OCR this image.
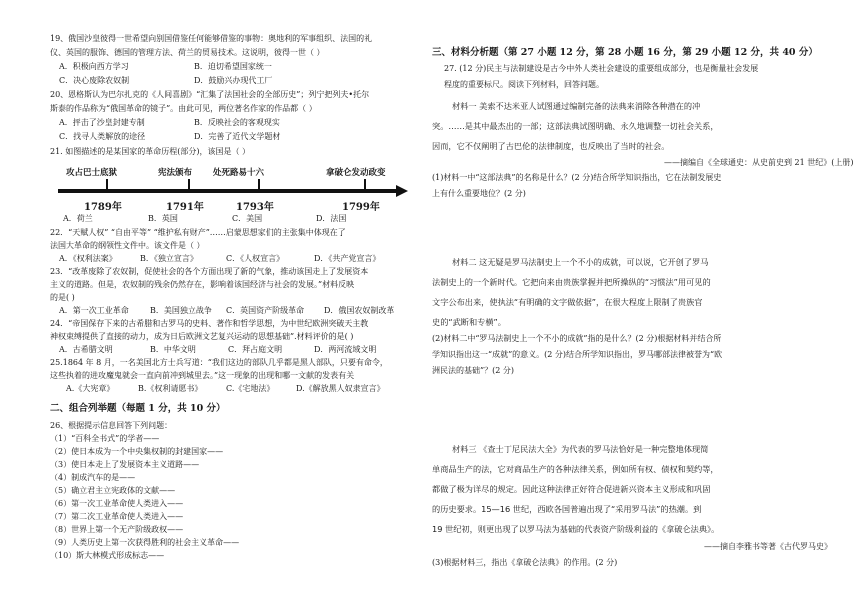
19、俄国沙皇彼得一世希望向别国借鉴任何能够借鉴的事物：奥地利的军事组织、法国的礼
仪、英国的服饰、德国的管理方法、荷兰的贸易技术。这说明，彼得一世（ ）
A．积极向西方学习	B．迫切希望国家统一
C．决心废除农奴制	D．鼓励兴办现代工厂
20、恩格斯认为巴尔扎克的《人间喜剧》“汇集了法国社会的全部历史”；列宁把列夫•托尔
斯泰的作品称为“俄国革命的镜子”。由此可见，两位著名作家的作品都（ ）
A．抨击了沙皇封建专制	B．反映社会的客观现实
C．找寻人类解放的途径	D．完善了近代文学题材
21. 如图描述的是某国家的革命历程(部分)，该国是（ ）
攻占巴士底狱	宪法颁布 处死路易十六	拿破仑发动政变
1789年	1791年	1793年	1799年
A．荷兰	B．英国	C．美国	D．法国
22．“天赋人权” “自由平等” “维护私有财产”……启蒙思想家们的主张集中体现在了
法国大革命的纲领性文件中。该文件是（ ）
A．《权利法案》	B．《独立宣言》	C．《人权宣言》	D．《共产党宣言》
23．“改革废除了农奴制，促使社会的各个方面出现了新的气象，推动该国走上了发展资本
主义的道路。但是，农奴制的残余仍然存在，影响着该国经济与社会的发展。”材料反映
的是( )
A．第一次工业革命	B．美国独立战争 C．英国资产阶级革命 D．俄国农奴制改革
24．“帝国保存下来的古希腊和古罗马的史料、著作和哲学思想，为中世纪欧洲突破天主教
神权束缚提供了直接的动力，成为日后欧洲文艺复兴运动的思想基础”.材料评价的是( )
A．古希腊文明	B．中华文明	C．拜占庭文明	D．两河流域文明
25.1864 年 8 月，一名美国北方士兵写道：“我们这边的部队几乎都是黑人部队，只要有命令，
这些执着的进攻魔鬼就会一直向前冲到城里去。”这一现象的出现和哪一文献的发表有关
A.《大宪章》	B.《权利请愿书》	C.《宅地法》	D.《解放黑人奴隶宣言》
二、组合列举题（每题 1 分，共 10 分）
26、根据提示信息回答下列问题：
（1）“百科全书式”的学者——
（2）使日本成为一个中央集权制的封建国家——
（3）使日本走上了发展资本主义道路——
（4）制成汽车的是——
（5）确立君主立宪政体的文献——
（6）第一次工业革命使人类进入——
（7）第二次工业革命使人类进入——
（8）世界上第一个无产阶级政权——
（9）人类历史上第一次获得胜利的社会主义革命——
（10）斯大林模式形成标志——
三、材料分析题（第 27 小题 12 分，第 28 小题 16 分，第 29 小题 12 分，共 40 分）
27. (12 分)民主与法制建设是古今中外人类社会建设的重要组成部分，也是衡量社会发展
程度的重要标尺。阅读下列材料，回答问题。
材料一 美索不达米亚人试图通过编制完备的法典来消除各种潜在的冲
突。……是其中最杰出的一部；这部法典试图明确、永久地调整一切社会关系，
因而，它不仅阐明了古巴伦的法律制度，也反映出了当时的社会。
——摘编自《全球通史：从史前史到 21 世纪》(上册)
(1)材料一中“这部法典”的名称是什么？(2 分)结合所学知识指出，它在法制发展史
上有什么重要地位？(2 分)
材料二 这无疑是罗马法制史上一个不小的成就，可以说，它开创了罗马
法制史上的一个新时代。它把向来由贵族掌握并把所操纵的“习惯法”用可见的
文字公布出来，使执法“有明确的文字做依据”，在很大程度上限制了贵族官
史的“武断和专横”。
(2)材料二中“罗马法制史上一个不小的成就”指的是什么？(2 分)根据材料并结合所
学知识指出这一“成就”的意义。(2 分)结合所学知识指出，罗马哪部法律被誉为“欧
洲民法的基础”？(2 分)
材料三 《查士丁尼民法大全》为代表的罗马法恰好是一种完整地体现简
单商品生产的法，它对商品生产的各种法律关系，例如所有权、债权和契约等，
都做了极为详尽的规定。因此这种法律正好符合促进新兴资本主义形成和巩固
的历史要求。15—16 世纪，西欧各国普遍出现了“采用罗马法”的热潮。到
19 世纪初，则更出现了以罗马法为基础的代表资产阶级利益的《拿破仑法典》。
——摘自李雅书等著《古代罗马史》
(3)根据材料三，指出《拿破仑法典》的作用。(2 分)
